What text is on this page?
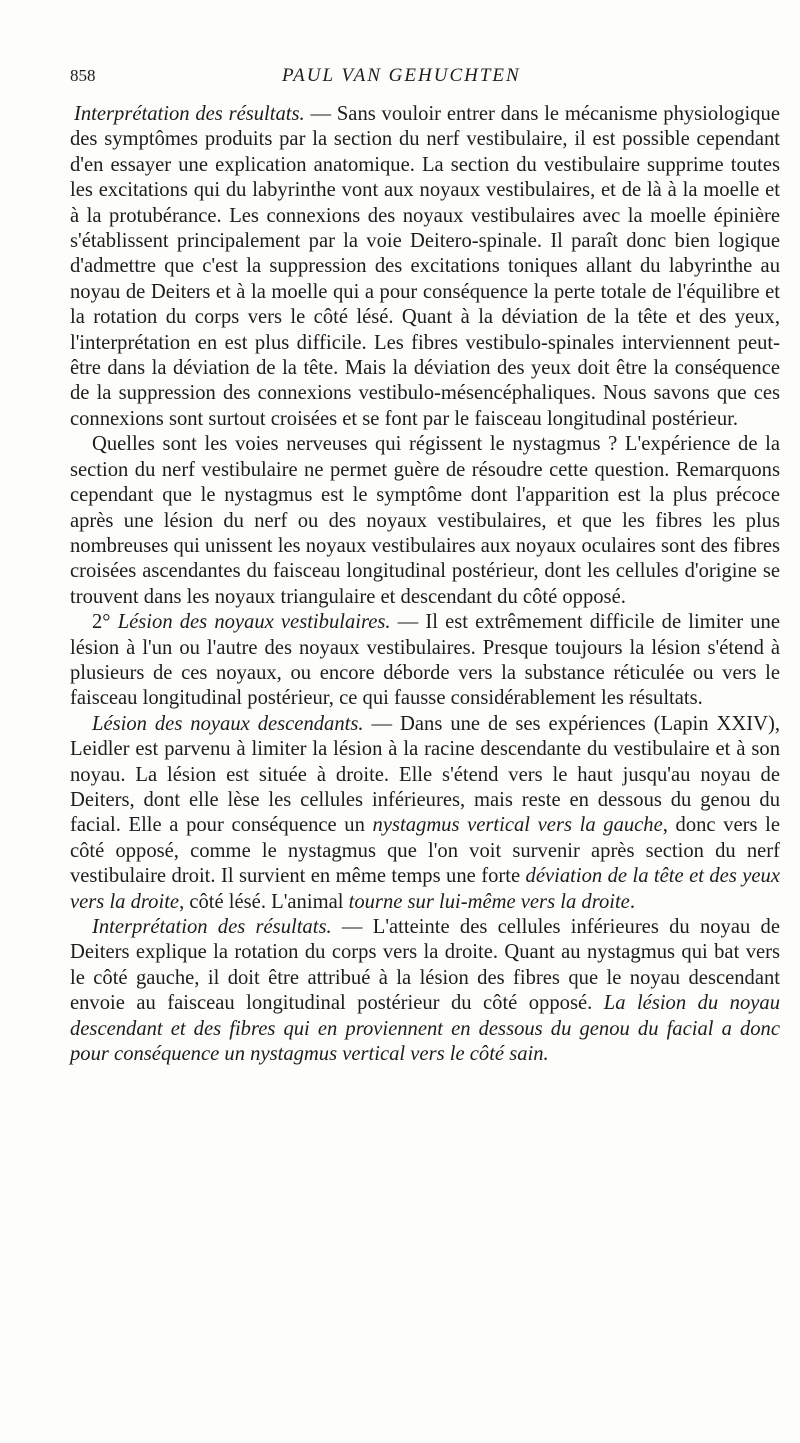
858	PAUL VAN GEHUCHTEN

Interprétation des résultats. — Sans vouloir entrer dans le mécanisme physiologique des symptômes produits par la section du nerf vestibulaire, il est possible cependant d'en essayer une explication anatomique. La section du vestibulaire supprime toutes les excitations qui du labyrinthe vont aux noyaux vestibulaires, et de là à la moelle et à la protubérance. Les connexions des noyaux vestibulaires avec la moelle épinière s'établissent principalement par la voie Deitero-spinale. Il paraît donc bien logique d'admettre que c'est la suppression des excitations toniques allant du labyrinthe au noyau de Deiters et à la moelle qui a pour conséquence la perte totale de l'équilibre et la rotation du corps vers le côté lésé. Quant à la déviation de la tête et des yeux, l'interprétation en est plus difficile. Les fibres vestibulo-spinales interviennent peut-être dans la déviation de la tête. Mais la déviation des yeux doit être la conséquence de la suppression des connexions vestibulo-mésencéphaliques. Nous savons que ces connexions sont surtout croisées et se font par le faisceau longitudinal postérieur.

Quelles sont les voies nerveuses qui régissent le nystagmus ? L'expérience de la section du nerf vestibulaire ne permet guère de résoudre cette question. Remarquons cependant que le nystagmus est le symptôme dont l'apparition est la plus précoce après une lésion du nerf ou des noyaux vestibulaires, et que les fibres les plus nombreuses qui unissent les noyaux vestibulaires aux noyaux oculaires sont des fibres croisées ascendantes du faisceau longitudinal postérieur, dont les cellules d'origine se trouvent dans les noyaux triangulaire et descendant du côté opposé.

2° Lésion des noyaux vestibulaires. — Il est extrêmement difficile de limiter une lésion à l'un ou l'autre des noyaux vestibulaires. Presque toujours la lésion s'étend à plusieurs de ces noyaux, ou encore déborde vers la substance réticulée ou vers le faisceau longitudinal postérieur, ce qui fausse considérablement les résultats.

Lésion des noyaux descendants. — Dans une de ses expériences (Lapin XXIV), Leidler est parvenu à limiter la lésion à la racine descendante du vestibulaire et à son noyau. La lésion est située à droite. Elle s'étend vers le haut jusqu'au noyau de Deiters, dont elle lèse les cellules inférieures, mais reste en dessous du genou du facial. Elle a pour conséquence un nystagmus vertical vers la gauche, donc vers le côté opposé, comme le nystagmus que l'on voit survenir après section du nerf vestibulaire droit. Il survient en même temps une forte déviation de la tête et des yeux vers la droite, côté lésé. L'animal tourne sur lui-même vers la droite.

Interprétation des résultats. — L'atteinte des cellules inférieures du noyau de Deiters explique la rotation du corps vers la droite. Quant au nystagmus qui bat vers le côté gauche, il doit être attribué à la lésion des fibres que le noyau descendant envoie au faisceau longitudinal postérieur du côté opposé. La lésion du noyau descendant et des fibres qui en proviennent en dessous du genou du facial a donc pour conséquence un nystagmus vertical vers le côté sain.
